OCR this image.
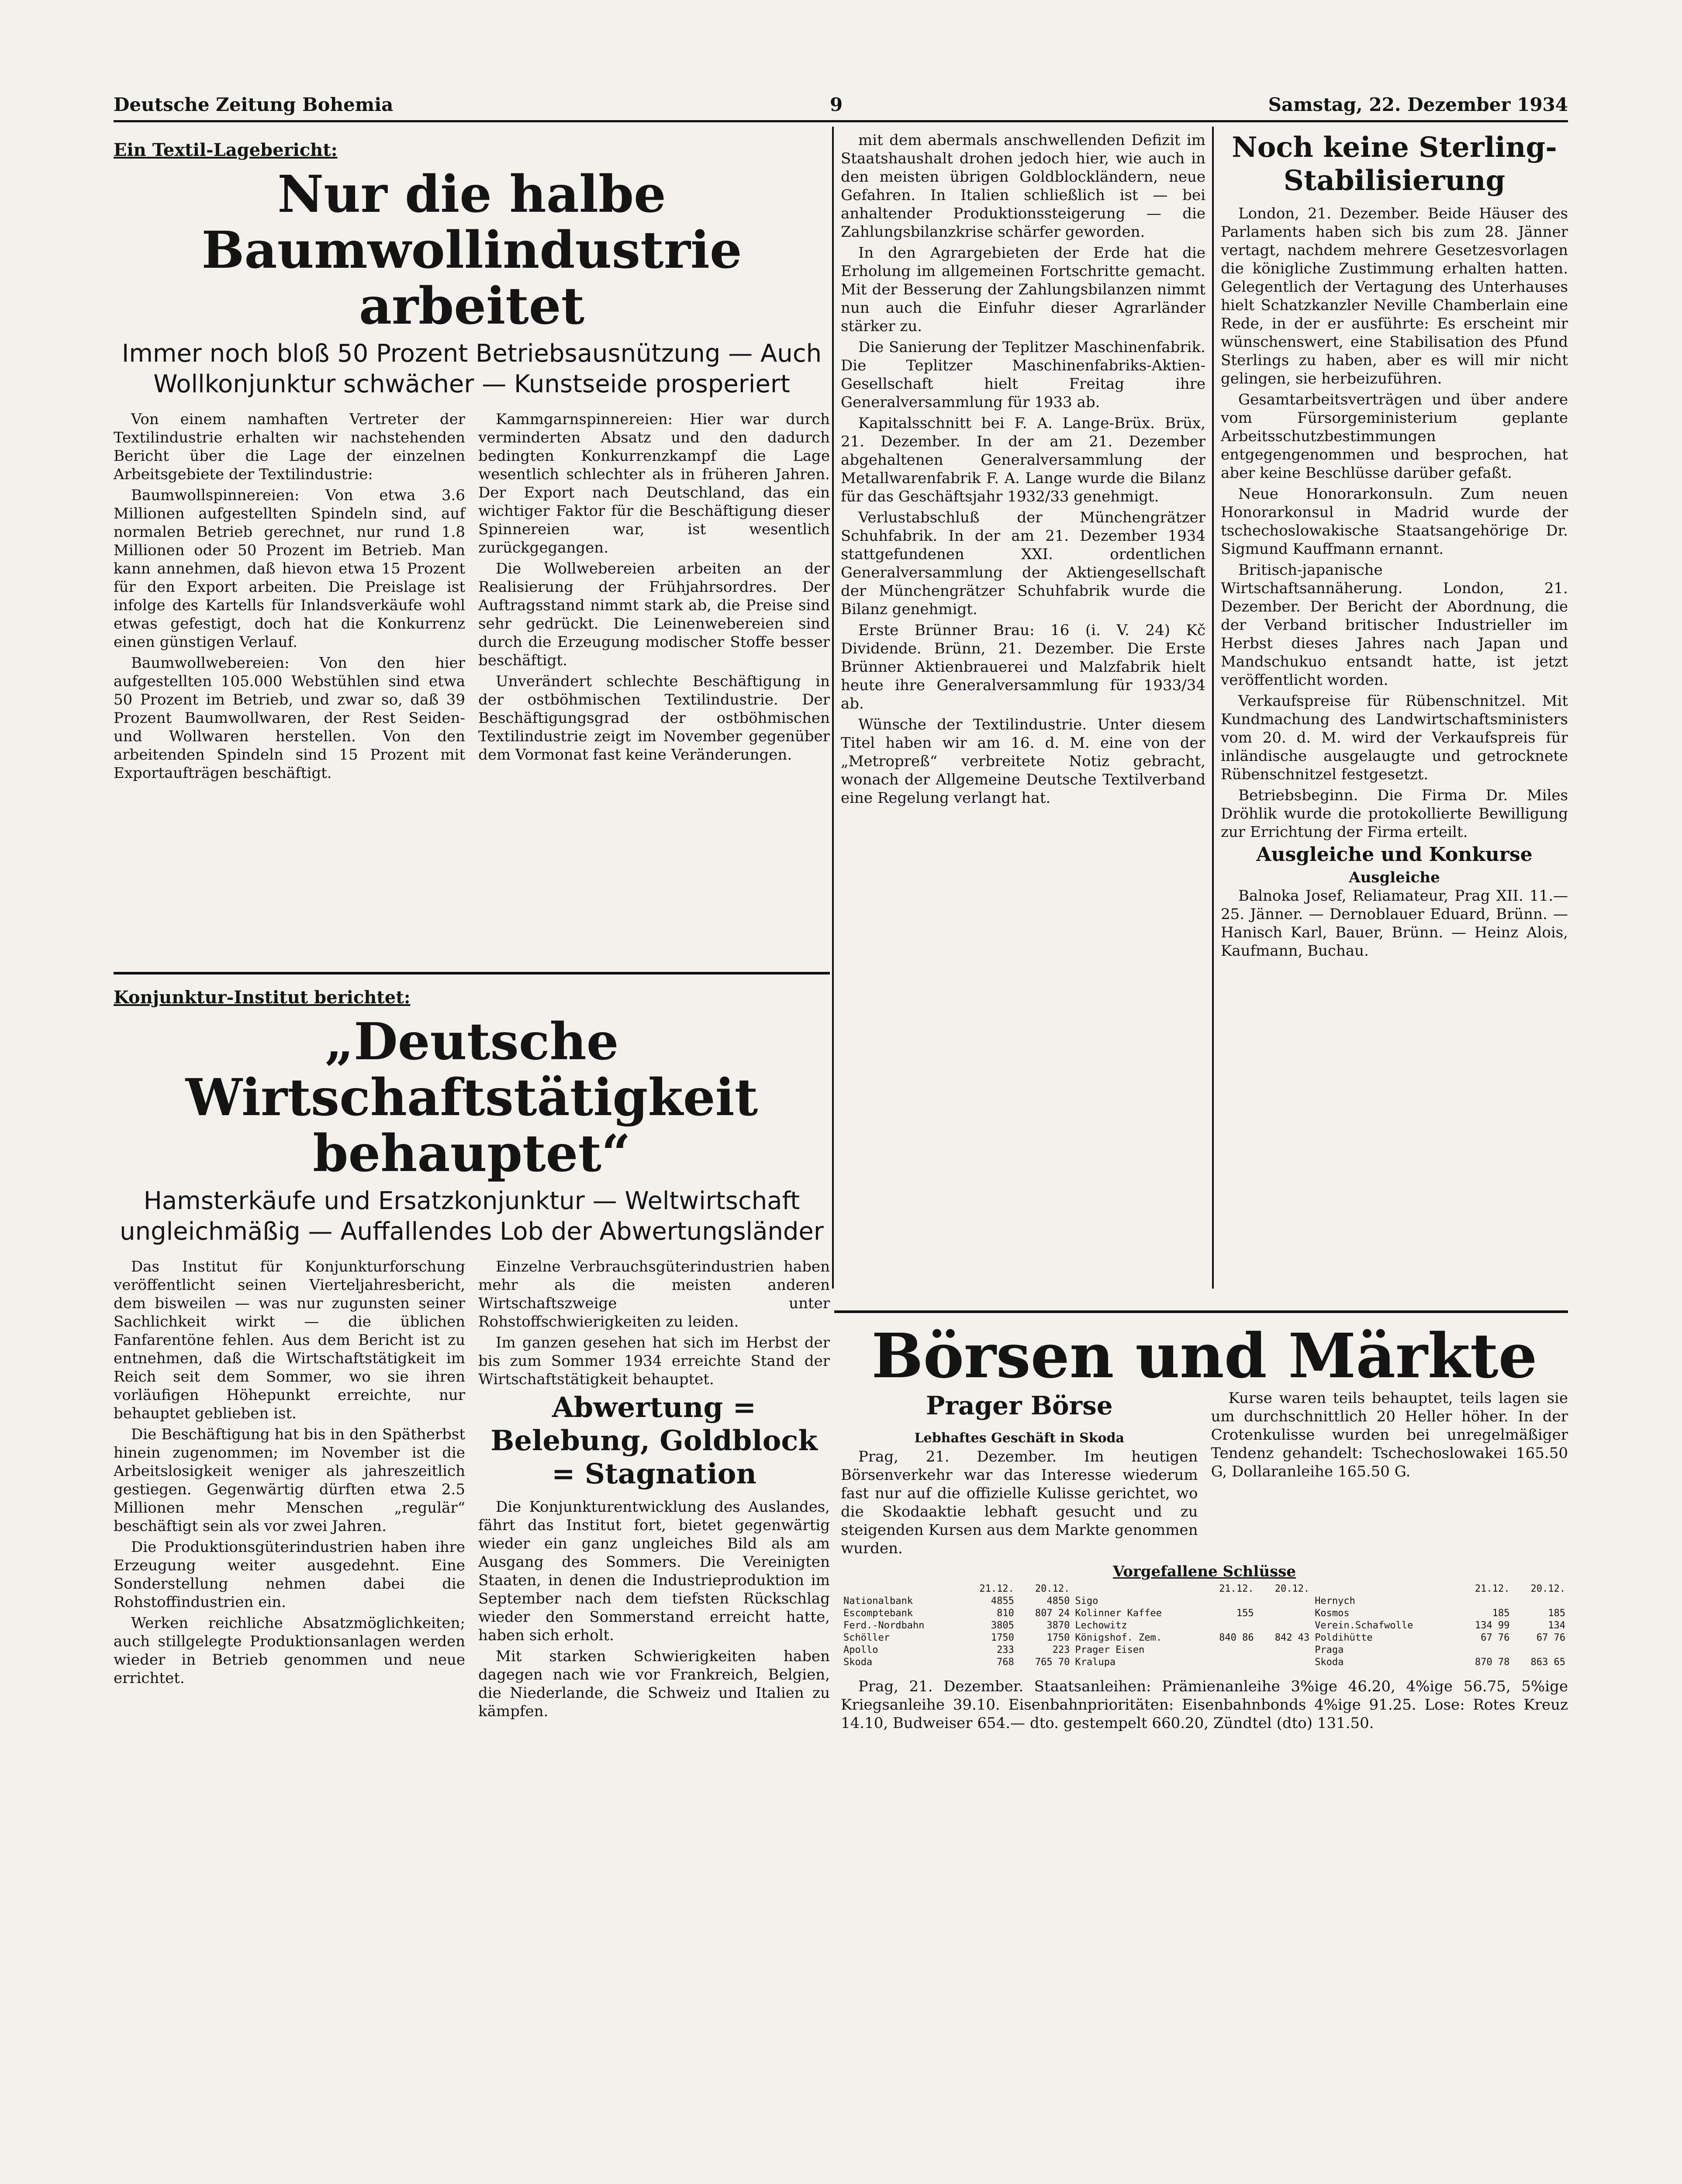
Deutsche Zeitung Bohemia	9	Samstag, 22. Dezember 1934
Ein Textil-Lagebericht:
Nur die halbe Baumwollindustrie arbeitet
Immer noch bloß 50 Prozent Betriebsausnützung — Auch Wollkonjunktur schwächer — Kunstseide prosperiert

Von einem namhaften Vertreter der Textilindustrie erhalten wir nachstehenden Bericht über die Lage der einzelnen Arbeitsgebiete der Textilindustrie:

Baumwollspinnereien: Von etwa 3.6 Millionen aufgestellten Spindeln sind, auf normalen Betrieb gerechnet, nur rund 1.8 Millionen oder 50 Prozent im Betrieb. Man kann annehmen, daß hievon etwa 15 Prozent für den Export arbeiten. Die Preislage ist infolge des Kartells für Inlandsverkäufe wohl etwas gefestigt, doch hat die Konkurrenz einen günstigen Verlauf.

Baumwollwebereien: Von den hier aufgestellten 105.000 Webstühlen sind etwa 50 Prozent im Betrieb, und zwar so, daß 39 Prozent Baumwollwaren, der Rest Seiden- und Wollwaren herstellen. Von den arbeitenden Spindeln sind 15 Prozent mit Exportaufträgen beschäftigt.

Kammgarnspinnereien: Hier war durch verminderten Absatz und den dadurch bedingten Konkurrenzkampf die Lage wesentlich schlechter als in früheren Jahren. Der Export nach Deutschland, das ein wichtiger Faktor für die Beschäftigung dieser Spinnereien war, ist wesentlich zurückgegangen.

Die Wollwebereien arbeiten an der Realisierung der Frühjahrsordres. Der Auftragsstand nimmt stark ab, die Preise sind sehr gedrückt. Die Leinenwebereien sind durch die Erzeugung modischer Stoffe besser beschäftigt.

Unverändert schlechte Beschäftigung in der ostböhmischen Textilindustrie. Der Beschäftigungsgrad der ostböhmischen Textilindustrie zeigt im November gegenüber dem Vormonat fast keine Veränderungen.

Konjunktur-Institut berichtet:
„Deutsche Wirtschaftstätigkeit behauptet“
Hamsterkäufe und Ersatzkonjunktur — Weltwirtschaft ungleichmäßig — Auffallendes Lob der Abwertungsländer

Das Institut für Konjunkturforschung veröffentlicht seinen Vierteljahresbericht, dem bisweilen — was nur zugunsten seiner Sachlichkeit wirkt — die üblichen Fanfarentöne fehlen. Aus dem Bericht ist zu entnehmen, daß die Wirtschaftstätigkeit im Reich seit dem Sommer, wo sie ihren vorläufigen Höhepunkt erreichte, nur behauptet geblieben ist.

Die Beschäftigung hat bis in den Spätherbst hinein zugenommen; im November ist die Arbeitslosigkeit weniger als jahreszeitlich gestiegen. Gegenwärtig dürften etwa 2.5 Millionen mehr Menschen „regulär“ beschäftigt sein als vor zwei Jahren.

Die Produktionsgüterindustrien haben ihre Erzeugung weiter ausgedehnt. Eine Sonderstellung nehmen dabei die Rohstoffindustrien ein.

Werken reichliche Absatzmöglichkeiten; auch stillgelegte Produktionsanlagen werden wieder in Betrieb genommen und neue errichtet.

Einzelne Verbrauchsgüterindustrien haben mehr als die meisten anderen Wirtschaftszweige unter Rohstoffschwierigkeiten zu leiden.

Im ganzen gesehen hat sich im Herbst der bis zum Sommer 1934 erreichte Stand der Wirtschaftstätigkeit behauptet.

Abwertung = Belebung, Goldblock = Stagnation

Die Konjunkturentwicklung des Auslandes, fährt das Institut fort, bietet gegenwärtig wieder ein ganz ungleiches Bild als am Ausgang des Sommers. Die Vereinigten Staaten, in denen die Industrieproduktion im September nach dem tiefsten Rückschlag wieder den Sommerstand erreicht hatte, haben sich erholt.

Mit starken Schwierigkeiten haben dagegen nach wie vor Frankreich, Belgien, die Niederlande, die Schweiz und Italien zu kämpfen.

mit dem abermals anschwellenden Defizit im Staatshaushalt drohen jedoch hier, wie auch in den meisten übrigen Goldblockländern, neue Gefahren. In Italien schließlich ist — bei anhaltender Produktionssteigerung — die Zahlungsbilanzkrise schärfer geworden.

In den Agrargebieten der Erde hat die Erholung im allgemeinen Fortschritte gemacht. Mit der Besserung der Zahlungsbilanzen nimmt nun auch die Einfuhr dieser Agrarländer stärker zu.

Die Sanierung der Teplitzer Maschinenfabrik. Die Teplitzer Maschinenfabriks-Aktien-Gesellschaft hielt Freitag ihre Generalversammlung für 1933 ab.

Kapitalsschnitt bei F. A. Lange-Brüx. Brüx, 21. Dezember. In der am 21. Dezember abgehaltenen Generalversammlung der Metallwarenfabrik F. A. Lange wurde die Bilanz für das Geschäftsjahr 1932/33 genehmigt.

Verlustabschluß der Münchengrätzer Schuhfabrik. In der am 21. Dezember 1934 stattgefundenen XXI. ordentlichen Generalversammlung der Aktiengesellschaft der Münchengrätzer Schuhfabrik wurde die Bilanz genehmigt.

Erste Brünner Brau: 16 (i. V. 24) Kč Dividende. Brünn, 21. Dezember. Die Erste Brünner Aktienbrauerei und Malzfabrik hielt heute ihre Generalversammlung für 1933/34 ab.

Wünsche der Textilindustrie. Unter diesem Titel haben wir am 16. d. M. eine von der „Metropreß“ verbreitete Notiz gebracht, wonach der Allgemeine Deutsche Textilverband eine Regelung verlangt hat.

Noch keine Sterling-Stabilisierung

London, 21. Dezember. Beide Häuser des Parlaments haben sich bis zum 28. Jänner vertagt, nachdem mehrere Gesetzesvorlagen die königliche Zustimmung erhalten hatten. Gelegentlich der Vertagung des Unterhauses hielt Schatzkanzler Neville Chamberlain eine Rede, in der er ausführte: Es erscheint mir wünschenswert, eine Stabilisation des Pfund Sterlings zu haben, aber es will mir nicht gelingen, sie herbeizuführen.

Gesamtarbeitsverträgen und über andere vom Fürsorgeministerium geplante Arbeitsschutzbestimmungen entgegengenommen und besprochen, hat aber keine Beschlüsse darüber gefaßt.

Neue Honorarkonsuln. Zum neuen Honorarkonsul in Madrid wurde der tschechoslowakische Staatsangehörige Dr. Sigmund Kauffmann ernannt.

Britisch-japanische Wirtschaftsannäherung. London, 21. Dezember. Der Bericht der Abordnung, die der Verband britischer Industrieller im Herbst dieses Jahres nach Japan und Mandschukuo entsandt hatte, ist jetzt veröffentlicht worden.

Verkaufspreise für Rübenschnitzel. Mit Kundmachung des Landwirtschaftsministers vom 20. d. M. wird der Verkaufspreis für inländische ausgelaugte und getrocknete Rübenschnitzel festgesetzt.

Betriebsbeginn. Die Firma Dr. Miles Dröhlik wurde die protokollierte Bewilligung zur Errichtung der Firma erteilt.

Ausgleiche und Konkurse
Ausgleiche

Balnoka Josef, Reliamateur, Prag XII. 11.—25. Jänner. — Dernoblauer Eduard, Brünn. — Hanisch Karl, Bauer, Brünn. — Heinz Alois, Kaufmann, Buchau.

Börsen und Märkte
Prager Börse
Lebhaftes Geschäft in Skoda

Prag, 21. Dezember. Im heutigen Börsenverkehr war das Interesse wiederum fast nur auf die offizielle Kulisse gerichtet, wo die Skodaaktie lebhaft gesucht und zu steigenden Kursen aus dem Markte genommen wurden.

Kurse waren teils behauptet, teils lagen sie um durchschnittlich 20 Heller höher. In der Crotenkulisse wurden bei unregelmäßiger Tendenz gehandelt: Tschechoslowakei 165.50 G, Dollaranleihe 165.50 G.

Vorgefallene Schlüsse
	21.12.	20.12.		21.12.	20.12.		21.12.	20.12.
Nationalbank	4855	4850	Sigo			Hernych		
Escomptebank	810	807 24	Kolinner Kaffee	155		Kosmos	185	185
Ferd.-Nordbahn	3805	3870	Lechowitz			Verein.Schafwolle	134 99	134
Schöller	1750	1750	Königshof. Zem.	840 86	842 43	Poldihütte	67 76	67 76
Apollo	233	223	Prager Eisen			Praga		
Skoda	768	765 70	Kralupa			Skoda	870 78	863 65

Prag, 21. Dezember. Staatsanleihen: Prämienanleihe 3%ige 46.20, 4%ige 56.75, 5%ige Kriegsanleihe 39.10. Eisenbahnprioritäten: Eisenbahnbonds 4%ige 91.25. Lose: Rotes Kreuz 14.10, Budweiser 654.— dto. gestempelt 660.20, Zündtel (dto) 131.50.
